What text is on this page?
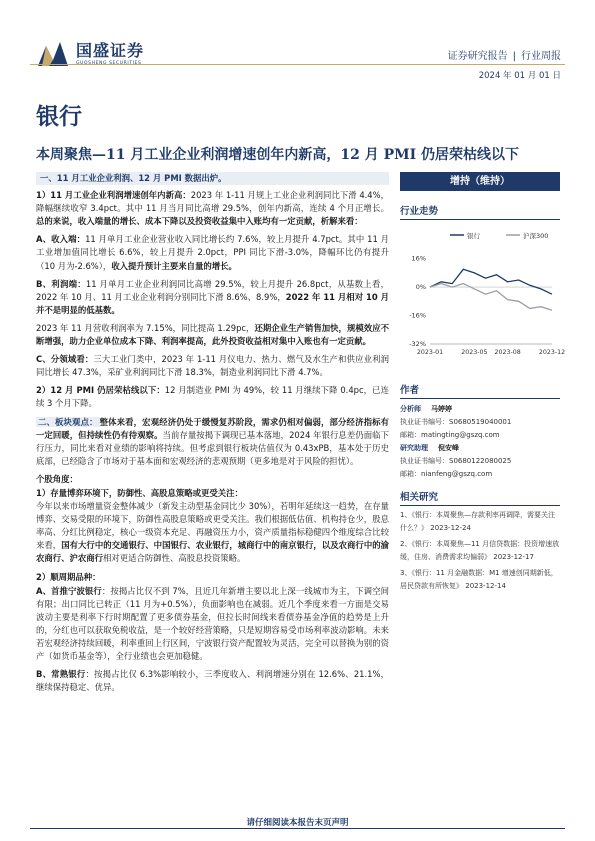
国盛证券	证券研究报告 | 行业周报
2024 年 01 月 01 日
银行
本周聚焦—11 月工业企业利润增速创年内新高，12 月 PMI 仍居荣枯线以下
一、11 月工业企业利润、12 月 PMI 数据出炉。

1）11 月工业企业利润增速创年内新高：2023 年 1-11 月规上工业企业利润同比下滑 4.4%，降幅继续收窄 3.4pct。其中 11 月当月同比高增 29.5%，创年内新高，连续 4 个月正增长。总的来说，收入端量的增长、成本下降以及投资收益集中入账均有一定贡献，析解来看：

A、收入端：11 月单月工业企业营业收入同比增长约 7.6%，较上月提升 4.7pct。其中 11 月工业增加值同比增长 6.6%，较上月提升 2.0pct，PPI 同比下滑-3.0%，降幅环比仍有提升（10 月为-2.6%），收入提升预计主要来自量的增长。

B、利润端：11 月单月工业企业利润同比高增 29.5%，较上月提升 26.8pct，从基数上看，2022 年 10 月、11 月工业企业利润分别同比下滑 8.6%、8.9%，2022 年 11 月相对 10 月并不是明显的低基数。

2023 年 11 月营收利润率为 7.15%，同比提高 1.29pc，还期企业生产销售加快，规模效应不断增强，助力企业单位成本下降、利润率提高，此外投资收益相对集中入账也有一定贡献。

C、分领域看：三大工业门类中，2023 年 1-11 月仪电力、热力、燃气及水生产和供应业利润同比增长 47.3%，采矿业利润同比下滑 18.3%，制造业利润同比下滑 4.7%。

2）12 月 PMI 仍居荣枯线以下：12 月制造业 PMI 为 49%，较 11 月继续下降 0.4pc，已连续 3 个月下降。

二、板块观点： 整体来看，宏观经济仍处于缓慢复苏阶段，需求仍相对偏弱，部分经济指标有一定回暖，但持续性仍有待观察。当前存量按揭下调现已基本落地，2024 年银行息差仍面临下行压力，同比来看对业绩的影响将持续。但考虑到银行板块估值仅为 0.43xPB，基本处于历史底部，已经隐含了市场对于基本面和宏观经济的悲观预期（更多地是对于风险的担忧）。

个股角度：

1）存量博弈环境下，防御性、高股息策略或更受关注：
今年以来市场增量资金整体减少（新发主动型基金同比少 30%），若明年延续这一趋势，在存量博弈、交易受限的环境下，防御性高股息策略或更受关注。我们根据低估值、机构持仓少，股息率高、分红比例稳定，核心一级资本充足、再融资压力小，资产质量指标稳健四个维度综合比较来看，国有大行中的交通银行、中国银行、农业银行，城商行中的南京银行，以及农商行中的渝农商行、沪农商行相对更适合防御性、高股息投资策略。

2）顺周期品种：

A、首推宁波银行：按揭占比仅不到 7%，且近几年新增主要以北上深一线城市为主，下调空间有限；出口同比已转正（11 月为+0.5%），负面影响也在减弱。近几个季度来看一方面是交易波动主要是利率下行时期配置了更多债券基金，但拉长时间线来看债券基金净值的趋势是上升的，分红也可以获取免税收益，是一个较好经营策略，只是短期容易受市场利率波动影响。未来若宏观经济持续回暖，利率重回上行区间，宁波银行资产配置较为灵活，完全可以替换为别的资产（如货币基金等），全行业绩也会更加稳健。

B、常熟银行：按揭占比仅 6.3%影响较小，三季度收入、利润增速分别在 12.6%、21.1%，继续保持稳定、优异。

增持（维持）
行业走势
银行	沪深300
16%
0%
-16%
-32%
2023-01	2023-05 2023-08	2023-12
作者
分析师 马婷婷
执业证书编号：S0680519040001
邮箱：matingting@gszq.com
研究助理 倪安峰
执业证书编号：S0680122080025
邮箱：nianfeng@gszq.com
相关研究
1、《银行：本周聚焦—存款利率再调降，需要关注什么？》 2023-12-24
2、《银行：本周聚焦—11 月信贷数据：投资增速放缓，住房、消费需求均偏弱》 2023-12-17
3、《银行：11 月金融数据：M1 增速创同期新低，居民贷款有所恢复》 2023-12-14
请仔细阅读本报告末页声明
